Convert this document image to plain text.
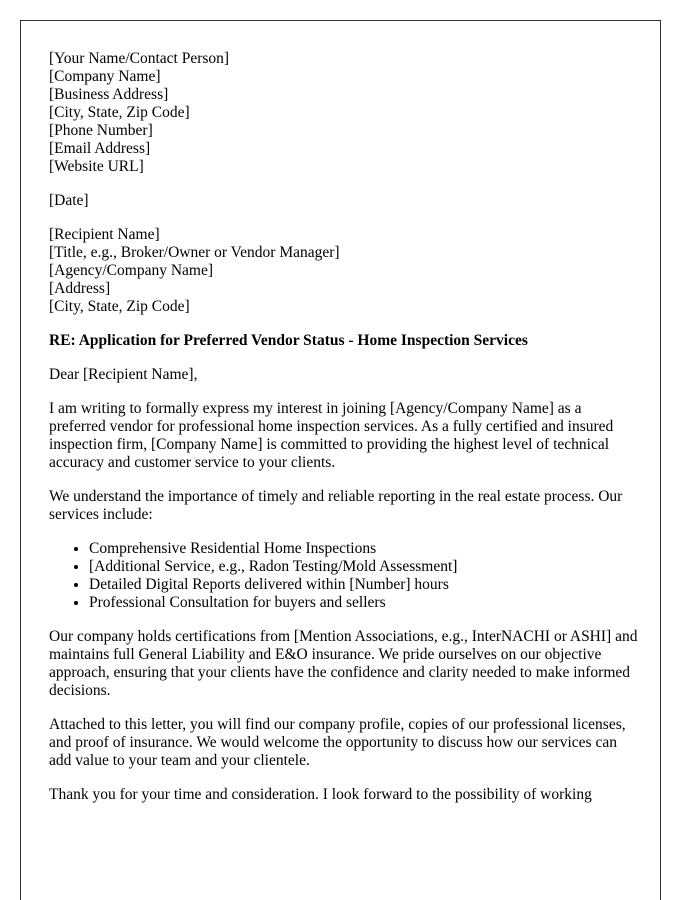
[Your Name/Contact Person]
[Company Name]
[Business Address]
[City, State, Zip Code]
[Phone Number]
[Email Address]
[Website URL]
[Date]
[Recipient Name]
[Title, e.g., Broker/Owner or Vendor Manager]
[Agency/Company Name]
[Address]
[City, State, Zip Code]

RE: Application for Preferred Vendor Status - Home Inspection Services

Dear [Recipient Name],

I am writing to formally express my interest in joining [Agency/Company Name] as a preferred vendor for professional home inspection services. As a fully certified and insured inspection firm, [Company Name] is committed to providing the highest level of technical accuracy and customer service to your clients.

We understand the importance of timely and reliable reporting in the real estate process. Our services include:

• Comprehensive Residential Home Inspections
• [Additional Service, e.g., Radon Testing/Mold Assessment]
• Detailed Digital Reports delivered within [Number] hours
• Professional Consultation for buyers and sellers

Our company holds certifications from [Mention Associations, e.g., InterNACHI or ASHI] and maintains full General Liability and E&O insurance. We pride ourselves on our objective approach, ensuring that your clients have the confidence and clarity needed to make informed decisions.

Attached to this letter, you will find our company profile, copies of our professional licenses, and proof of insurance. We would welcome the opportunity to discuss how our services can add value to your team and your clientele.

Thank you for your time and consideration. I look forward to the possibility of working
